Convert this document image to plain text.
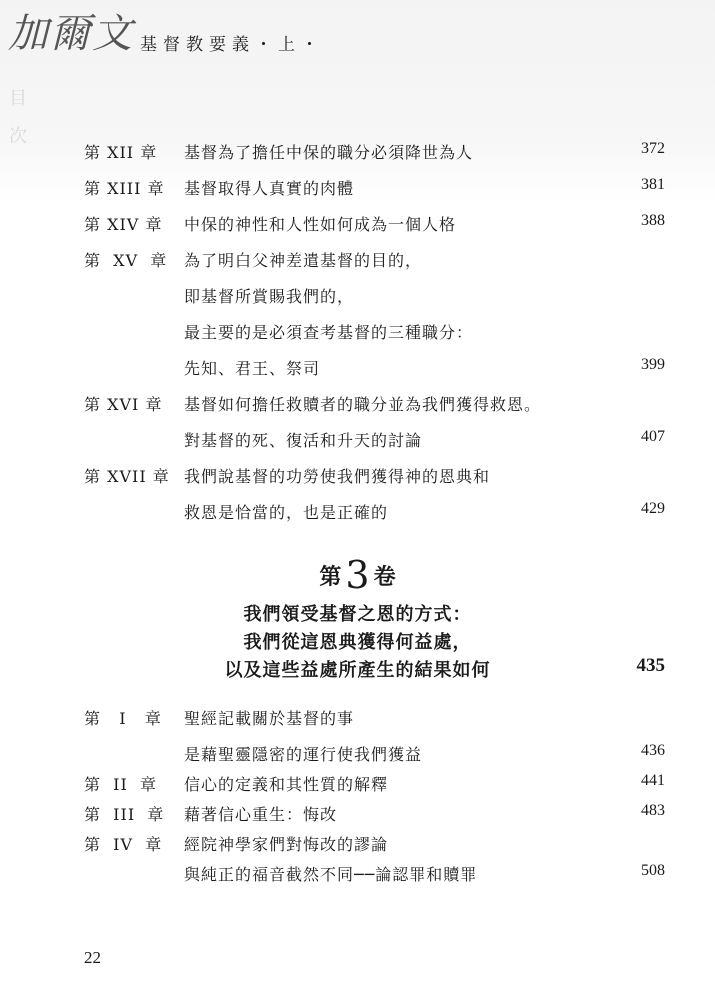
加爾文 基督教要義・上・
目次
第 XII 章	基督為了擔任中保的職分必須降世為人	372
第 XIII 章	基督取得人真實的肉體	381
第 XIV 章	中保的神性和人性如何成為一個人格	388
第  XV  章 為了明白父神差遣基督的目的，
即基督所賞賜我們的，
最主要的是必須查考基督的三種職分：
先知、君王、祭司	399
第 XVI 章	基督如何擔任救贖者的職分並為我們獲得救恩。
對基督的死、復活和升天的討論	407
第 XVII 章 我們說基督的功勞使我們獲得神的恩典和
救恩是恰當的，也是正確的	429
第 3 卷
我們領受基督之恩的方式：
我們從這恩典獲得何益處，
以及這些益處所產生的結果如何	435
第   I   章	聖經記載關於基督的事
是藉聖靈隱密的運行使我們獲益	436
第  II  章	信心的定義和其性質的解釋	441
第  III  章	藉著信心重生：悔改	483
第  IV  章	經院神學家們對悔改的謬論
與純正的福音截然不同──論認罪和贖罪	508
22
